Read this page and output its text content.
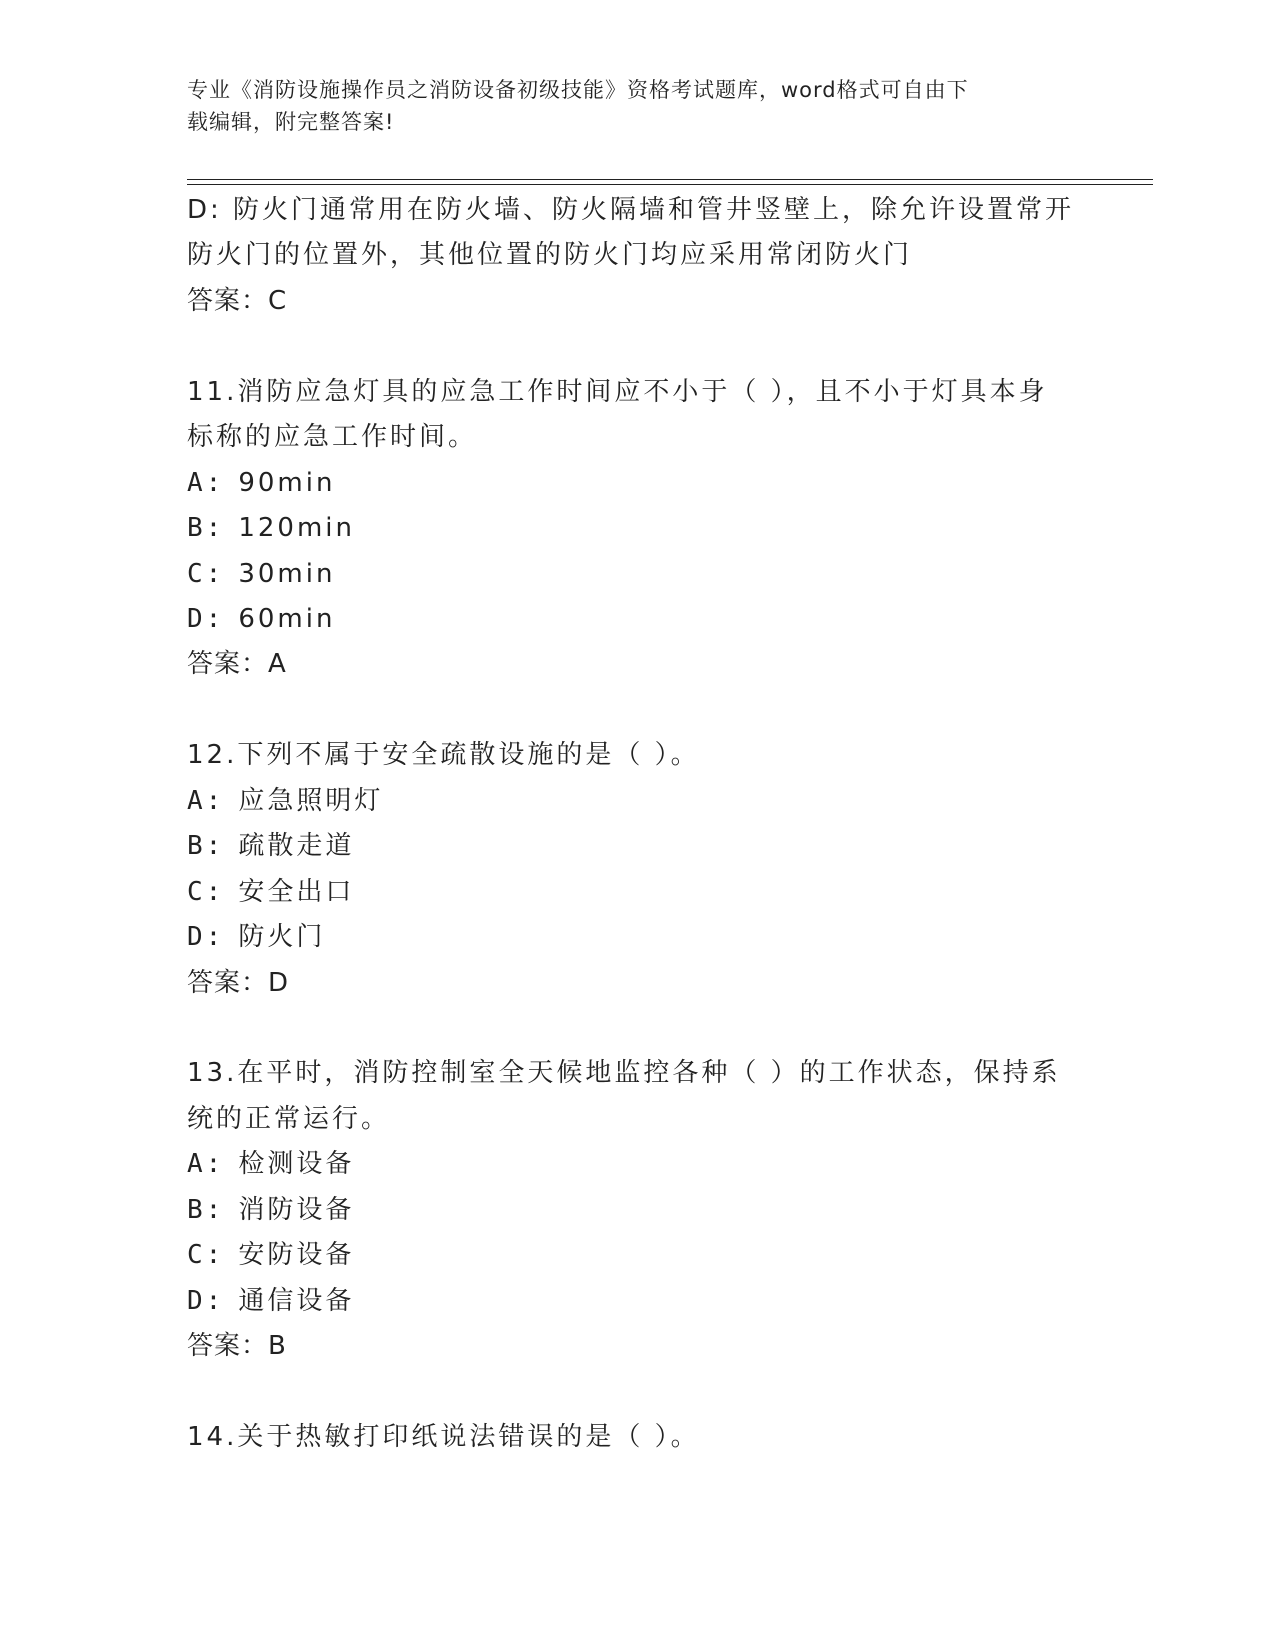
专业《消防设施操作员之消防设备初级技能》资格考试题库，word格式可自由下
载编辑，附完整答案!
D: 防火门通常用在防火墙、防火隔墙和管井竖壁上，除允许设置常开
防火门的位置外，其他位置的防火门均应采用常闭防火门
答案：C
11.消防应急灯具的应急工作时间应不小于（ ），且不小于灯具本身
标称的应急工作时间。
A: 90min
B: 120min
C: 30min
D: 60min
答案：A
12.下列不属于安全疏散设施的是（ ）。
A: 应急照明灯
B: 疏散走道
C: 安全出口
D: 防火门
答案：D
13.在平时，消防控制室全天候地监控各种（ ）的工作状态，保持系
统的正常运行。
A: 检测设备
B: 消防设备
C: 安防设备
D: 通信设备
答案：B
14.关于热敏打印纸说法错误的是（ ）。
